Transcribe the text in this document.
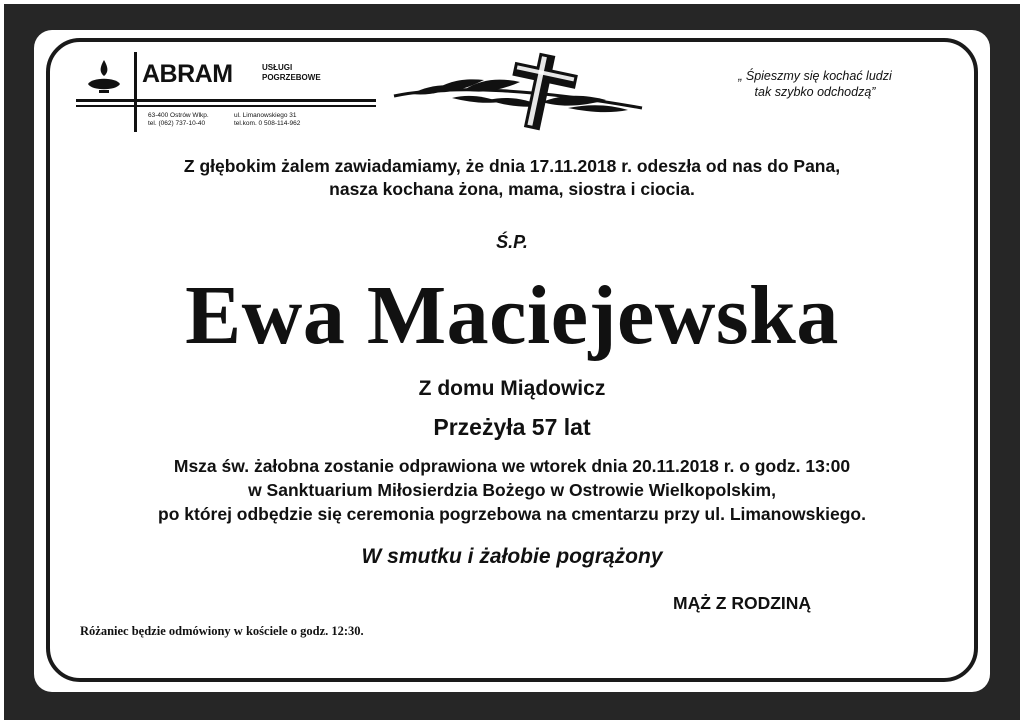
ABRAM	USŁUGI
POGRZEBOWE
63-400 Ostrów Wlkp.
tel. (062) 737-10-40
ul. Limanowskiego 31
tel.kom. 0 508-114-962
„ Śpieszmy się kochać ludzi
tak szybko odchodzą”
Z głębokim żalem zawiadamiamy, że dnia 17.11.2018 r. odeszła od nas do Pana,
nasza kochana żona, mama, siostra i ciocia.
Ś.P.
Ewa Maciejewska
Z domu Miądowicz
Przeżyła 57 lat
Msza św. żałobna zostanie odprawiona we wtorek dnia 20.11.2018 r. o godz. 13:00
w Sanktuarium Miłosierdzia Bożego w Ostrowie Wielkopolskim,
po której odbędzie się ceremonia pogrzebowa na cmentarzu przy ul. Limanowskiego.
W smutku i żałobie pogrążony
MĄŻ Z RODZINĄ
Różaniec będzie odmówiony w kościele o godz. 12:30.
